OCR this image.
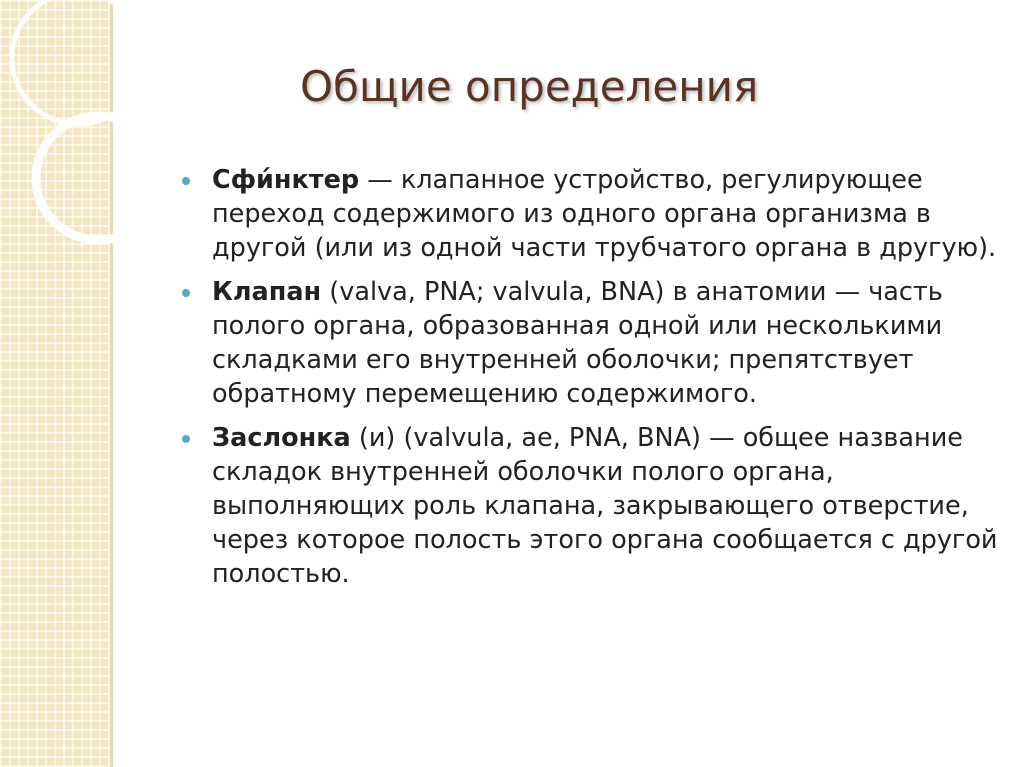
Общие определения
Сфи́нктер — клапанное устройство, регулирующее переход содержимого из одного органа организма в другой (или из одной части трубчатого органа в другую).
Клапан (valva, PNA; valvula, BNA) в анатомии — часть полого органа, образованная одной или несколькими складками его внутренней оболочки; препятствует обратному перемещению содержимого.
Заслонка (и) (valvula, ae, PNA, BNA) — общее название складок внутренней оболочки полого органа, выполняющих роль клапана, закрывающего отверстие, через которое полость этого органа сообщается с другой полостью.
